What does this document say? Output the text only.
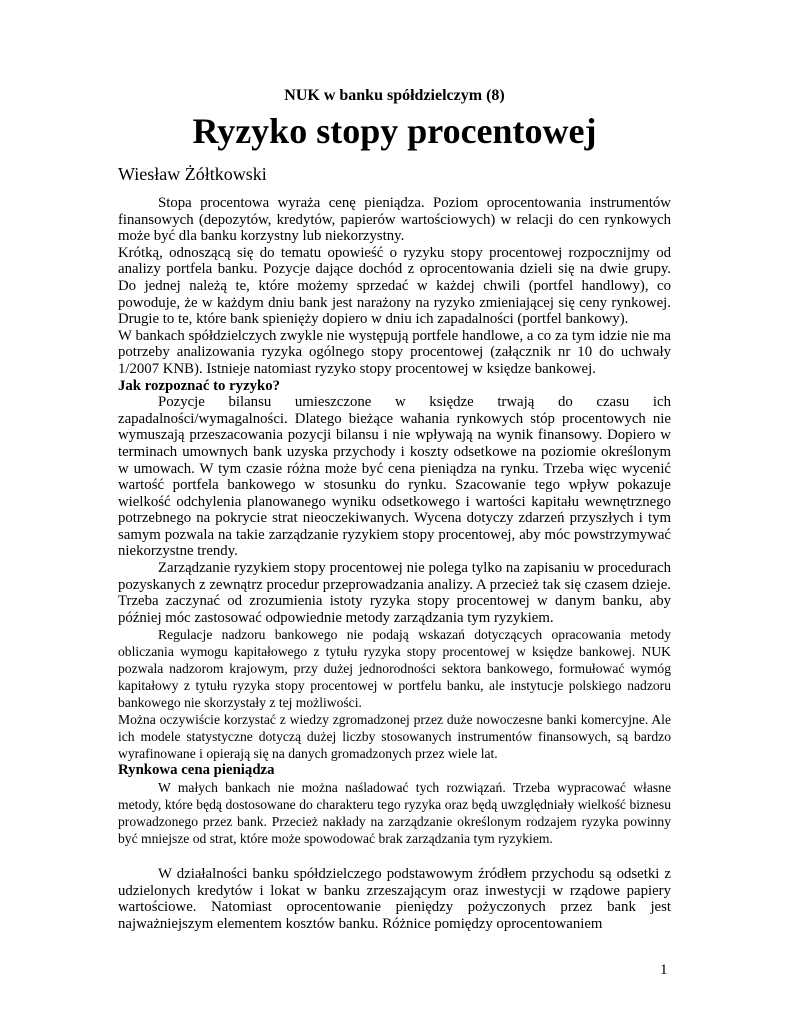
NUK w banku spółdzielczym (8)

Ryzyko stopy procentowej

Wiesław Żółtkowski

Stopa procentowa wyraża cenę pieniądza. Poziom oprocentowania instrumentów finansowych (depozytów, kredytów, papierów wartościowych) w relacji do cen rynkowych może być dla banku korzystny lub niekorzystny.

Krótką, odnoszącą się do tematu opowieść o ryzyku stopy procentowej rozpocznijmy od analizy portfela banku. Pozycje dające dochód z oprocentowania dzieli się na dwie grupy. Do jednej należą te, które możemy sprzedać w każdej chwili (portfel handlowy), co powoduje, że w każdym dniu bank jest narażony na ryzyko zmieniającej się ceny rynkowej. Drugie to te, które bank spienięży dopiero w dniu ich zapadalności (portfel bankowy).

W bankach spółdzielczych zwykle nie występują portfele handlowe, a co za tym idzie nie ma potrzeby analizowania ryzyka ogólnego stopy procentowej (załącznik nr 10 do uchwały 1/2007 KNB). Istnieje natomiast ryzyko stopy procentowej w księdze bankowej.

Jak rozpoznać to ryzyko?

Pozycje bilansu umieszczone w księdze trwają do czasu ich zapadalności/wymagalności. Dlatego bieżące wahania rynkowych stóp procentowych nie wymuszają przeszacowania pozycji bilansu i nie wpływają na wynik finansowy. Dopiero w terminach umownych bank uzyska przychody i koszty odsetkowe na poziomie określonym w umowach. W tym czasie różna może być cena pieniądza na rynku. Trzeba więc wycenić wartość portfela bankowego w stosunku do rynku. Szacowanie tego wpływ pokazuje wielkość odchylenia planowanego wyniku odsetkowego i wartości kapitału wewnętrznego potrzebnego na pokrycie strat nieoczekiwanych. Wycena dotyczy zdarzeń przyszłych i tym samym pozwala na takie zarządzanie ryzykiem stopy procentowej, aby móc powstrzymywać niekorzystne trendy.

Zarządzanie ryzykiem stopy procentowej nie polega tylko na zapisaniu w procedurach pozyskanych z zewnątrz procedur przeprowadzania analizy. A przecież tak się czasem dzieje. Trzeba zaczynać od zrozumienia istoty ryzyka stopy procentowej w danym banku, aby później móc zastosować odpowiednie metody zarządzania tym ryzykiem.

Regulacje nadzoru bankowego nie podają wskazań dotyczących opracowania metody obliczania wymogu kapitałowego z tytułu ryzyka stopy procentowej w księdze bankowej. NUK pozwala nadzorom krajowym, przy dużej jednorodności sektora bankowego, formułować wymóg kapitałowy z tytułu ryzyka stopy procentowej w portfelu banku, ale instytucje polskiego nadzoru bankowego nie skorzystały z tej możliwości.

Można oczywiście korzystać z wiedzy zgromadzonej przez duże nowoczesne banki komercyjne. Ale ich modele statystyczne dotyczą dużej liczby stosowanych instrumentów finansowych, są bardzo wyrafinowane i opierają się na danych gromadzonych przez wiele lat.

Rynkowa cena pieniądza

W małych bankach nie można naśladować tych rozwiązań. Trzeba wypracować własne metody, które będą dostosowane do charakteru tego ryzyka oraz będą uwzględniały wielkość biznesu prowadzonego przez bank. Przecież nakłady na zarządzanie określonym rodzajem ryzyka powinny być mniejsze od strat, które może spowodować brak zarządzania tym ryzykiem.

W działalności banku spółdzielczego podstawowym źródłem przychodu są odsetki z udzielonych kredytów i lokat w banku zrzeszającym oraz inwestycji w rządowe papiery wartościowe. Natomiast oprocentowanie pieniędzy pożyczonych przez bank jest najważniejszym elementem kosztów banku. Różnice pomiędzy oprocentowaniem

1
